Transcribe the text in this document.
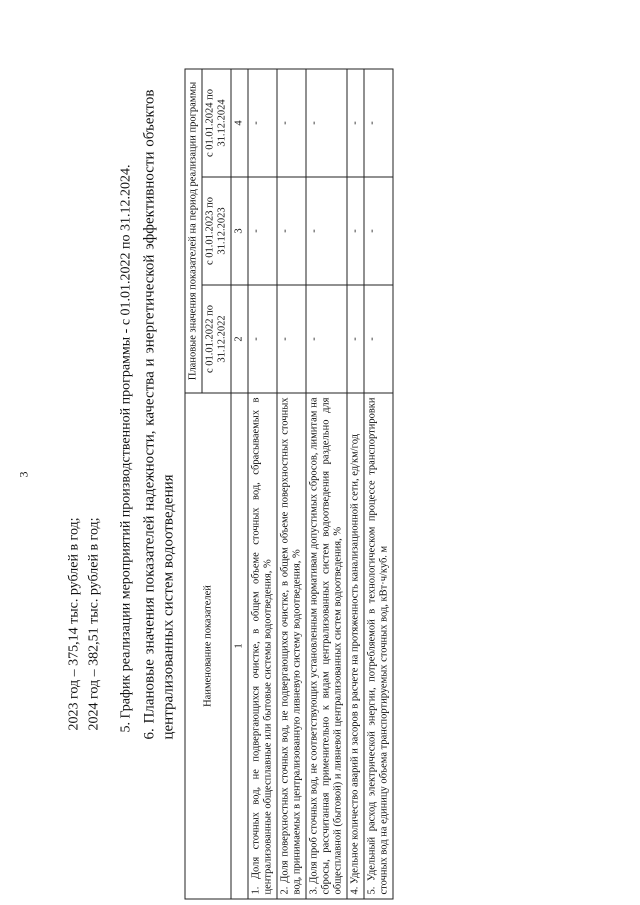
3
2023 год – 375,14 тыс. рублей в год; 2024 год – 382,51 тыс. рублей в год; 5. График реализации мероприятий производственной программы - с 01.01.2022 по 31.12.2024. 6. Плановые значения показателей надежности, качества и энергетической эффективности объектов централизованных систем водоотведения Наименование показателей	Плановые значения показателей на период реализации программы		
	с 01.01.2022 по 31.12.2022	с 01.01.2023 по 31.12.2023	с 01.01.2024 по 31.12.2024
1	2	3	4
1. Доля сточных вод, не подвергающихся очистке, в общем объеме сточных вод, сбрасываемых в централизованные общесплавные или бытовые системы водоотведения, %	-	-	-
2. Доля поверхностных сточных вод, не подвергающихся очистке, в общем объеме поверхностных сточных вод, принимаемых в централизованную ливневую систему водоотведения, %	-	-	-
3. Доля проб сточных вод, не соответствующих установленным нормативам допустимых сбросов, лимитам на сбросы, рассчитанная применительно к видам централизованных систем водоотведения раздельно для общесплавной (бытовой) и ливневой централизованных систем водоотведения, %	-	-	-
4. Удельное количество аварий и засоров в расчете на протяженность канализационной сети, ед/км/год	-	-	-
5. Удельный расход электрической энергии, потребляемой в технологическом процессе транспортировки сточных вод на единицу объема транспортируемых сточных вод, кВт·ч/куб. м	-	-	-
